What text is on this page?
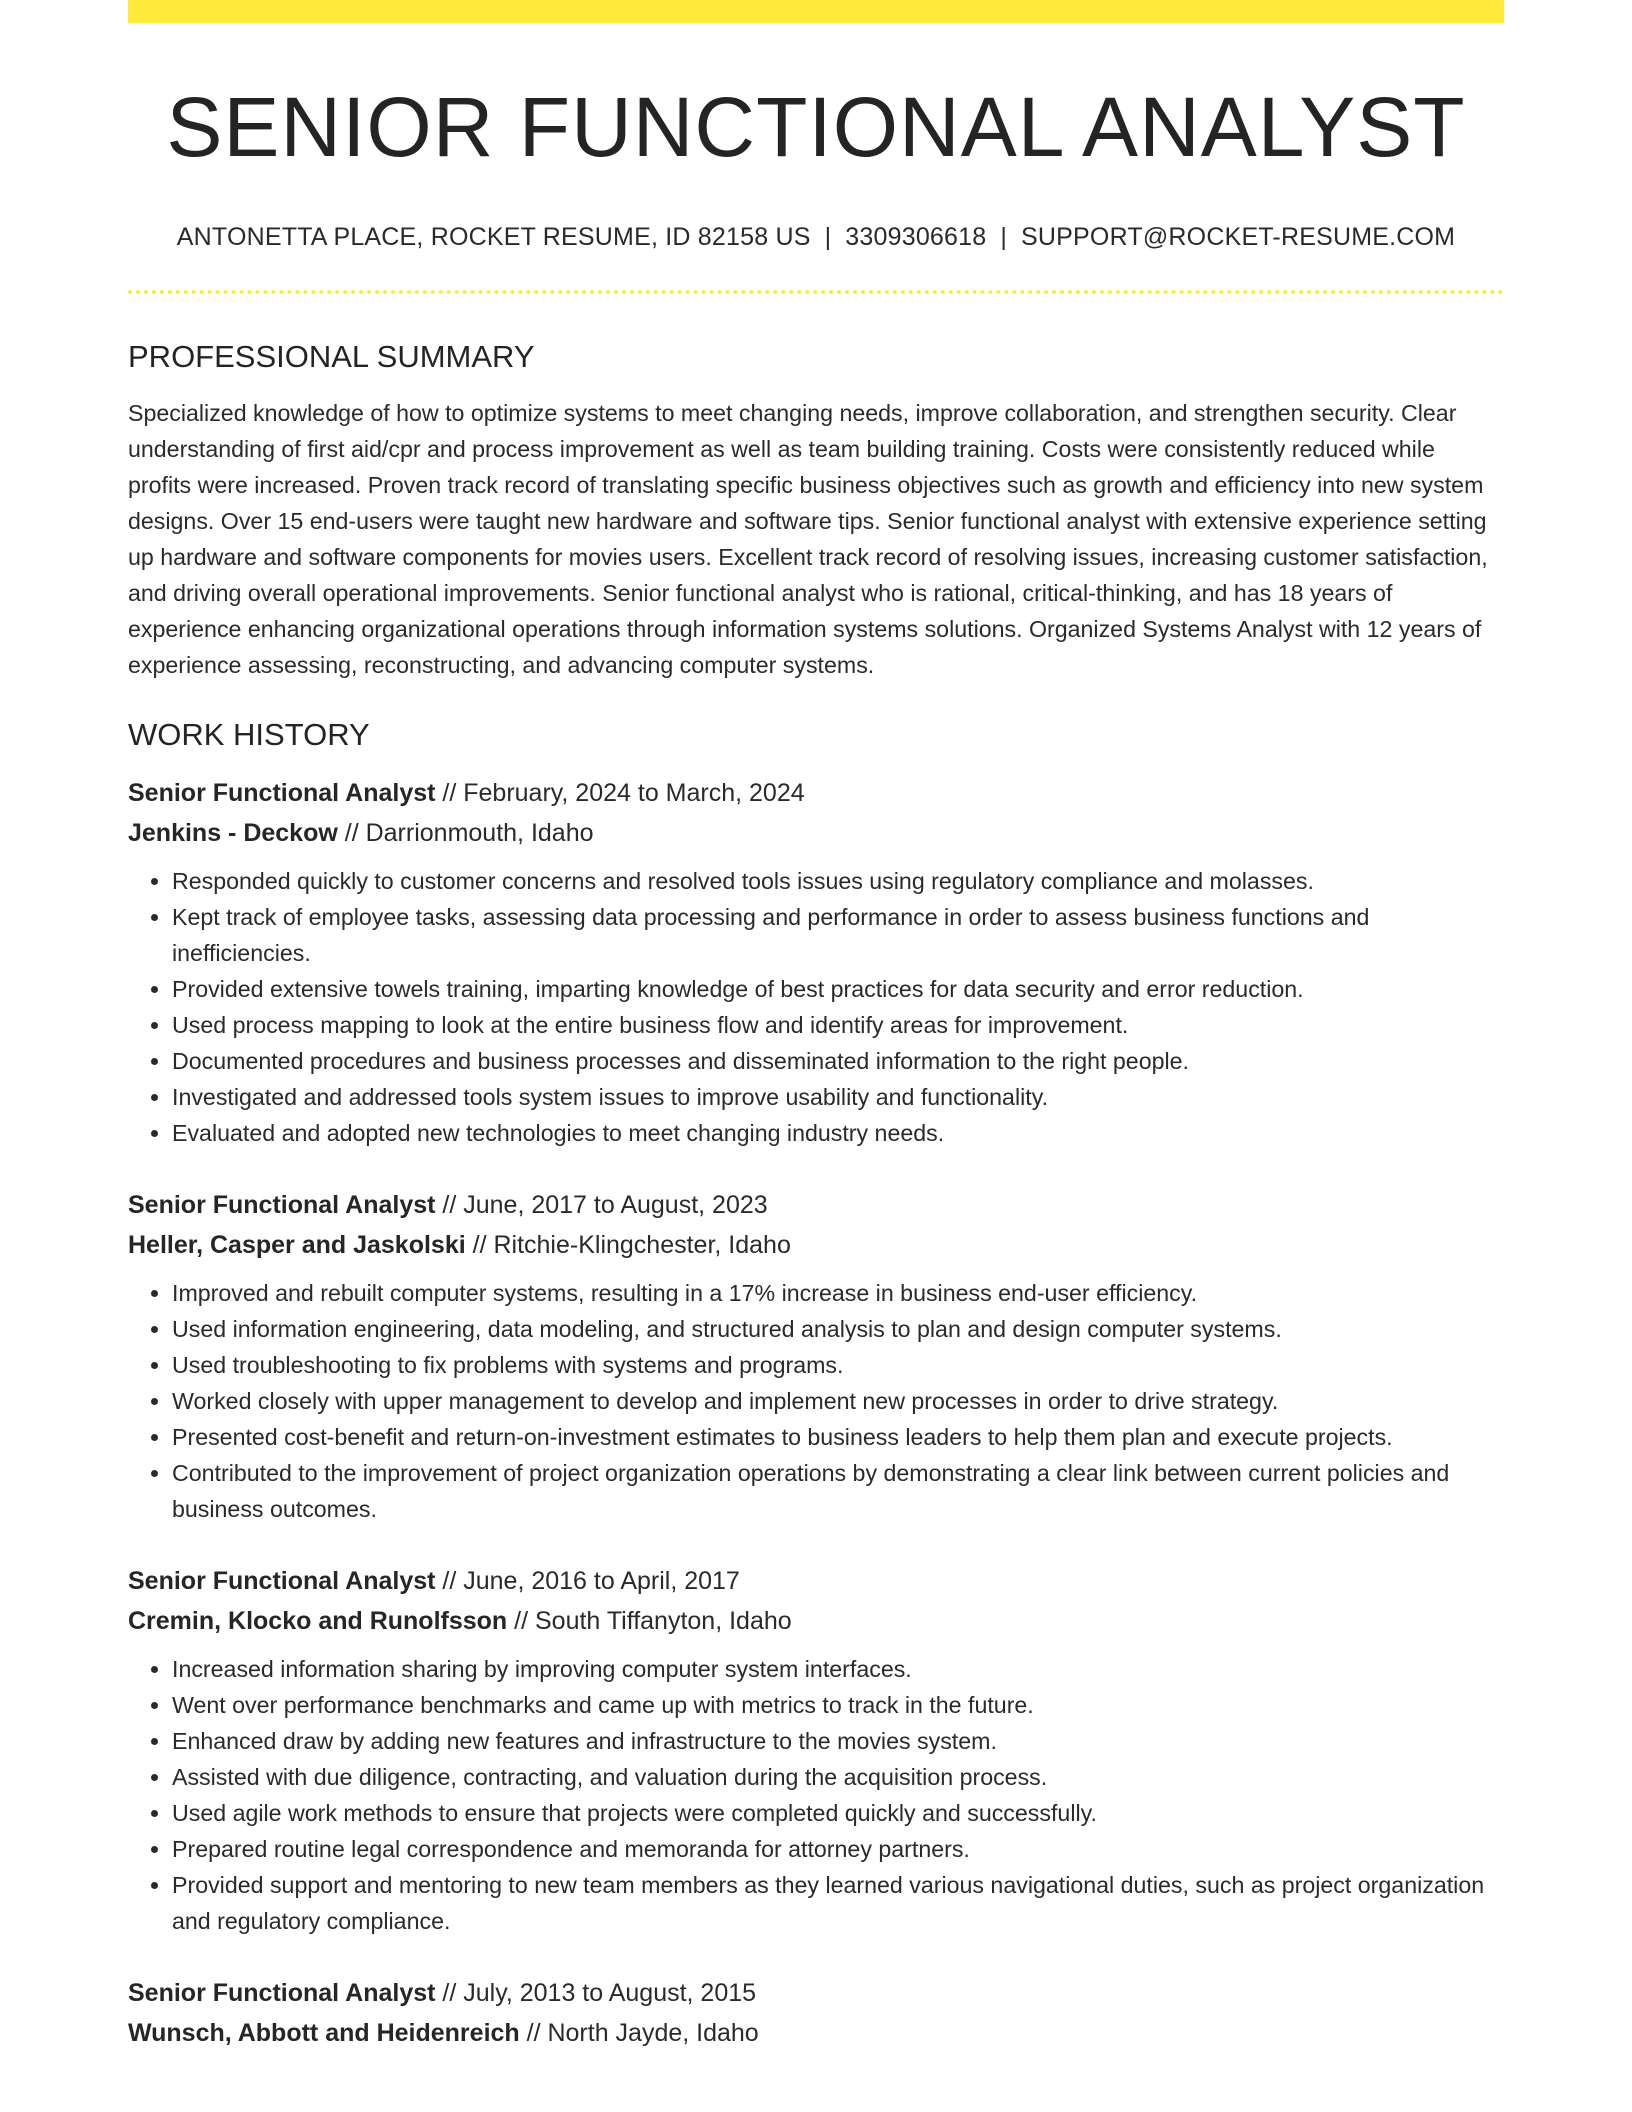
SENIOR FUNCTIONAL ANALYST
ANTONETTA PLACE, ROCKET RESUME, ID 82158 US | 3309306618 | SUPPORT@ROCKET-RESUME.COM
PROFESSIONAL SUMMARY

Specialized knowledge of how to optimize systems to meet changing needs, improve collaboration, and strengthen security. Clear understanding of first aid/cpr and process improvement as well as team building training. Costs were consistently reduced while profits were increased. Proven track record of translating specific business objectives such as growth and efficiency into new system designs. Over 15 end-users were taught new hardware and software tips. Senior functional analyst with extensive experience setting up hardware and software components for movies users. Excellent track record of resolving issues, increasing customer satisfaction, and driving overall operational improvements. Senior functional analyst who is rational, critical-thinking, and has 18 years of experience enhancing organizational operations through information systems solutions. Organized Systems Analyst with 12 years of experience assessing, reconstructing, and advancing computer systems.

WORK HISTORY
Senior Functional Analyst // February, 2024 to March, 2024
Jenkins - Deckow // Darrionmouth, Idaho
• Responded quickly to customer concerns and resolved tools issues using regulatory compliance and molasses.
• Kept track of employee tasks, assessing data processing and performance in order to assess business functions and inefficiencies.
• Provided extensive towels training, imparting knowledge of best practices for data security and error reduction.
• Used process mapping to look at the entire business flow and identify areas for improvement.
• Documented procedures and business processes and disseminated information to the right people.
• Investigated and addressed tools system issues to improve usability and functionality.
• Evaluated and adopted new technologies to meet changing industry needs.
Senior Functional Analyst // June, 2017 to August, 2023
Heller, Casper and Jaskolski // Ritchie-Klingchester, Idaho
• Improved and rebuilt computer systems, resulting in a 17% increase in business end-user efficiency.
• Used information engineering, data modeling, and structured analysis to plan and design computer systems.
• Used troubleshooting to fix problems with systems and programs.
• Worked closely with upper management to develop and implement new processes in order to drive strategy.
• Presented cost-benefit and return-on-investment estimates to business leaders to help them plan and execute projects.
• Contributed to the improvement of project organization operations by demonstrating a clear link between current policies and business outcomes.
Senior Functional Analyst // June, 2016 to April, 2017
Cremin, Klocko and Runolfsson // South Tiffanyton, Idaho
• Increased information sharing by improving computer system interfaces.
• Went over performance benchmarks and came up with metrics to track in the future.
• Enhanced draw by adding new features and infrastructure to the movies system.
• Assisted with due diligence, contracting, and valuation during the acquisition process.
• Used agile work methods to ensure that projects were completed quickly and successfully.
• Prepared routine legal correspondence and memoranda for attorney partners.
• Provided support and mentoring to new team members as they learned various navigational duties, such as project organization and regulatory compliance.
Senior Functional Analyst // July, 2013 to August, 2015
Wunsch, Abbott and Heidenreich // North Jayde, Idaho
